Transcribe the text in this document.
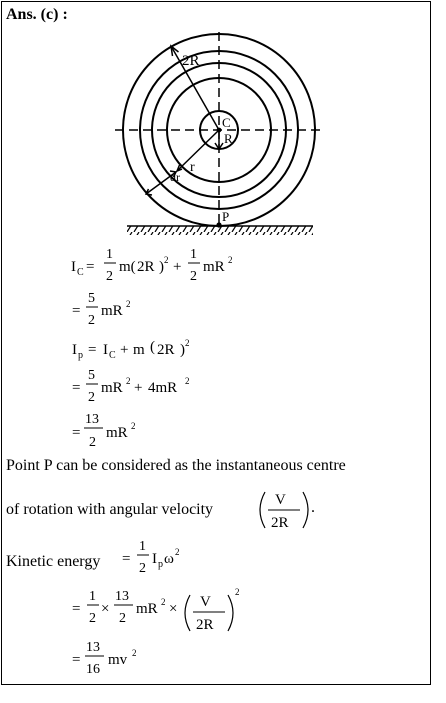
Ans. (c) :
2R
C
R
r
dr
P
I C =
1
2
m( 2R ) 2 +
1
2
mR 2
=
5
2
mR 2
I p = I C + m ) 2R ) 2
=
5
2
mR 2 + 4mR 2
=
13
2
mR 2
V
2R
=
1
2
I p ω 2
=
1
2
×
13
2
mR 2 × V
2R
2
=
13
16
mv 2
Point P can be considered as the instantaneous centre
of rotation with angular velocity	.
Kinetic energy
